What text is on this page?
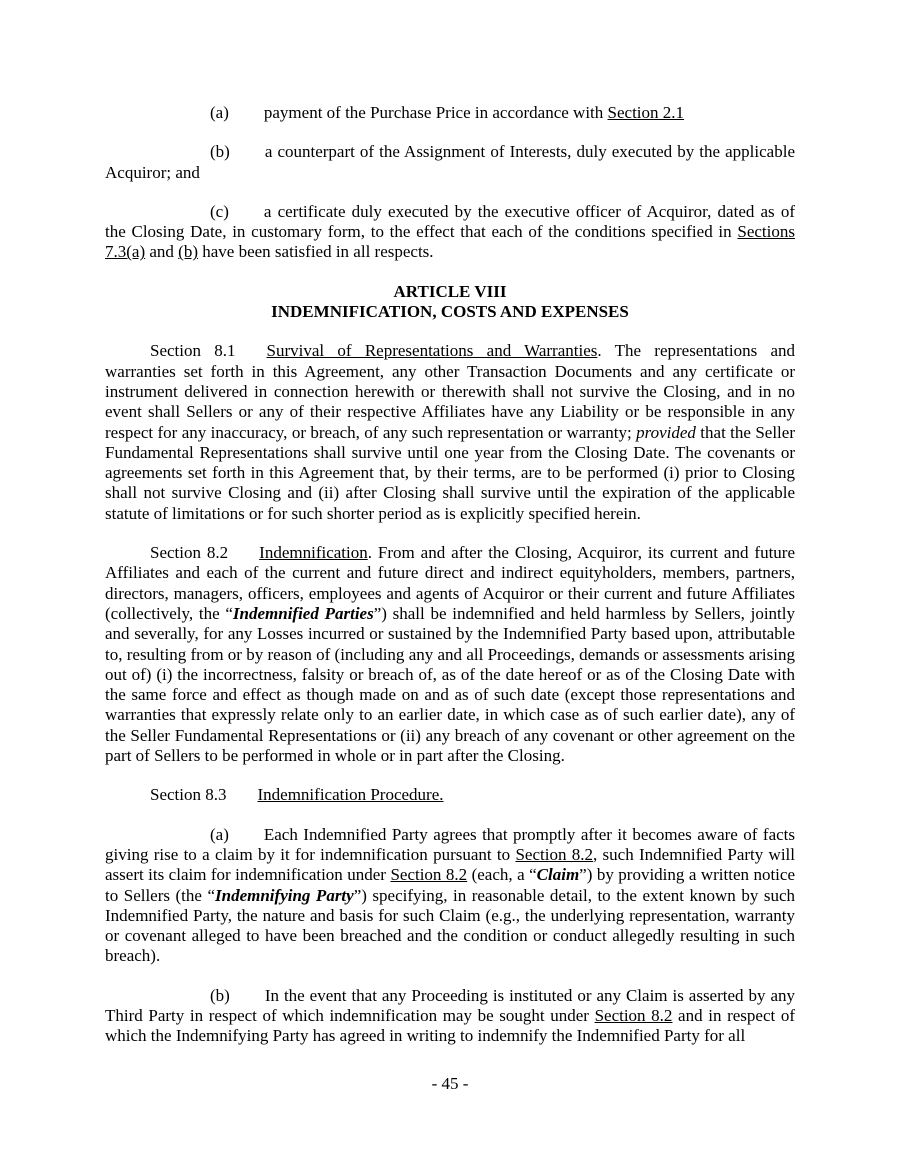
(a) payment of the Purchase Price in accordance with Section 2.1

(b) a counterpart of the Assignment of Interests, duly executed by the applicable Acquiror; and

(c) a certificate duly executed by the executive officer of Acquiror, dated as of the Closing Date, in customary form, to the effect that each of the conditions specified in Sections 7.3(a) and (b) have been satisfied in all respects.

ARTICLE VIII
INDEMNIFICATION, COSTS AND EXPENSES

Section 8.1 Survival of Representations and Warranties. The representations and warranties set forth in this Agreement, any other Transaction Documents and any certificate or instrument delivered in connection herewith or therewith shall not survive the Closing, and in no event shall Sellers or any of their respective Affiliates have any Liability or be responsible in any respect for any inaccuracy, or breach, of any such representation or warranty; provided that the Seller Fundamental Representations shall survive until one year from the Closing Date. The covenants or agreements set forth in this Agreement that, by their terms, are to be performed (i) prior to Closing shall not survive Closing and (ii) after Closing shall survive until the expiration of the applicable statute of limitations or for such shorter period as is explicitly specified herein.

Section 8.2 Indemnification. From and after the Closing, Acquiror, its current and future Affiliates and each of the current and future direct and indirect equityholders, members, partners, directors, managers, officers, employees and agents of Acquiror or their current and future Affiliates (collectively, the “Indemnified Parties”) shall be indemnified and held harmless by Sellers, jointly and severally, for any Losses incurred or sustained by the Indemnified Party based upon, attributable to, resulting from or by reason of (including any and all Proceedings, demands or assessments arising out of) (i) the incorrectness, falsity or breach of, as of the date hereof or as of the Closing Date with the same force and effect as though made on and as of such date (except those representations and warranties that expressly relate only to an earlier date, in which case as of such earlier date), any of the Seller Fundamental Representations or (ii) any breach of any covenant or other agreement on the part of Sellers to be performed in whole or in part after the Closing.

Section 8.3 Indemnification Procedure.

(a) Each Indemnified Party agrees that promptly after it becomes aware of facts giving rise to a claim by it for indemnification pursuant to Section 8.2, such Indemnified Party will assert its claim for indemnification under Section 8.2 (each, a “Claim”) by providing a written notice to Sellers (the “Indemnifying Party”) specifying, in reasonable detail, to the extent known by such Indemnified Party, the nature and basis for such Claim (e.g., the underlying representation, warranty or covenant alleged to have been breached and the condition or conduct allegedly resulting in such breach).

(b) In the event that any Proceeding is instituted or any Claim is asserted by any Third Party in respect of which indemnification may be sought under Section 8.2 and in respect of which the Indemnifying Party has agreed in writing to indemnify the Indemnified Party for all

- 45 -
